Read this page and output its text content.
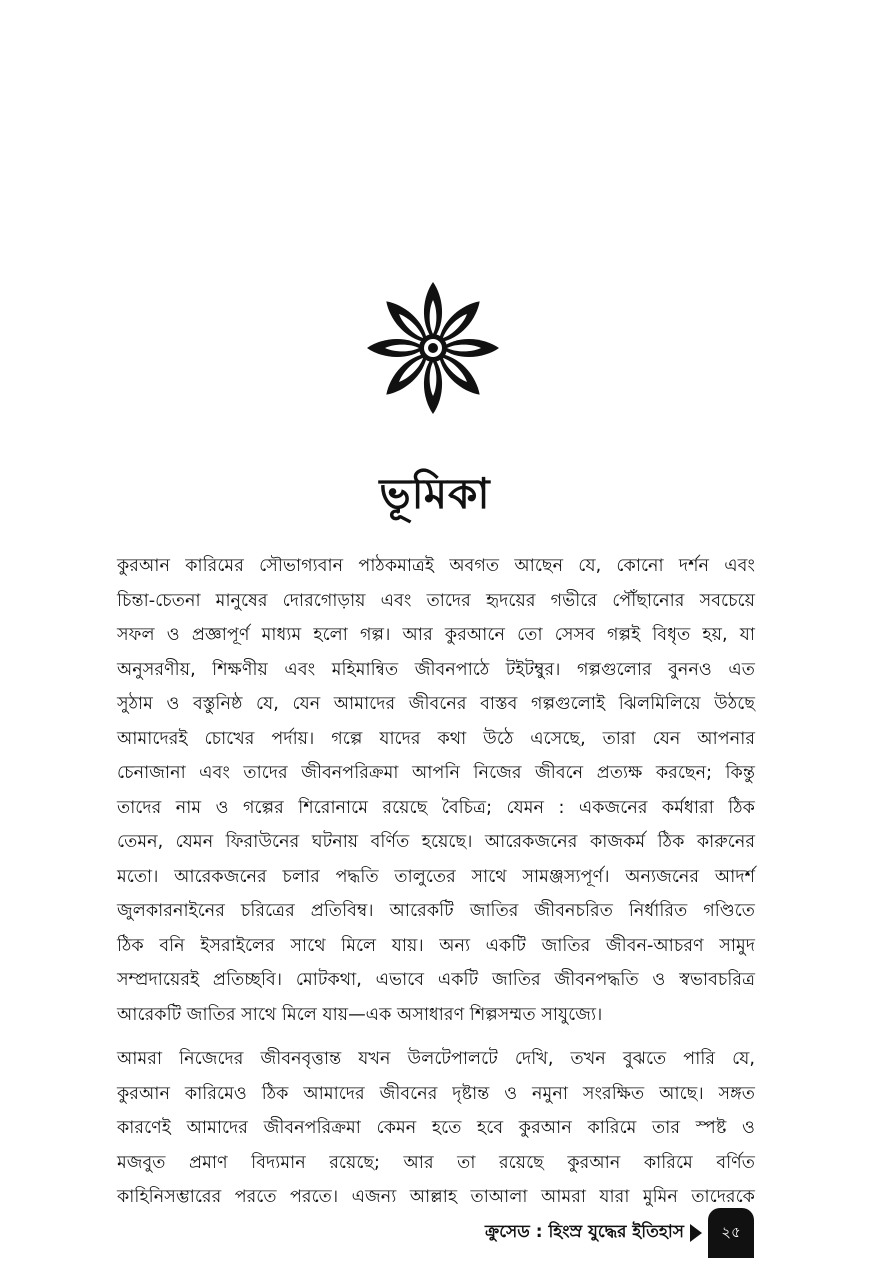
ভূমিকা

কুরআন কারিমের সৌভাগ্যবান পাঠকমাত্রই অবগত আছেন যে, কোনো দর্শন এবং

চিন্তা-চেতনা মানুষের দোরগোড়ায় এবং তাদের হৃদয়ের গভীরে পৌঁছানোর সবচেয়ে

সফল ও প্রজ্ঞাপূর্ণ মাধ্যম হলো গল্প। আর কুরআনে তো সেসব গল্পই বিধৃত হয়, যা

অনুসরণীয়, শিক্ষণীয় এবং মহিমান্বিত জীবনপাঠে টইটম্বুর। গল্পগুলোর বুননও এত

সুঠাম ও বস্তুনিষ্ঠ যে, যেন আমাদের জীবনের বাস্তব গল্পগুলোই ঝিলমিলিয়ে উঠছে

আমাদেরই চোখের পর্দায়। গল্পে যাদের কথা উঠে এসেছে, তারা যেন আপনার

চেনাজানা এবং তাদের জীবনপরিক্রমা আপনি নিজের জীবনে প্রত্যক্ষ করছেন; কিন্তু

তাদের নাম ও গল্পের শিরোনামে রয়েছে বৈচিত্র; যেমন : একজনের কর্মধারা ঠিক

তেমন, যেমন ফিরাউনের ঘটনায় বর্ণিত হয়েছে। আরেকজনের কাজকর্ম ঠিক কারুনের

মতো। আরেকজনের চলার পদ্ধতি তালুতের সাথে সামঞ্জস্যপূর্ণ। অন্যজনের আদর্শ

জুলকারনাইনের চরিত্রের প্রতিবিম্ব। আরেকটি জাতির জীবনচরিত নির্ধারিত গণ্ডিতে

ঠিক বনি ইসরাইলের সাথে মিলে যায়। অন্য একটি জাতির জীবন-আচরণ সামুদ

সম্প্রদায়েরই প্রতিচ্ছবি। মোটকথা, এভাবে একটি জাতির জীবনপদ্ধতি ও স্বভাবচরিত্র

আরেকটি জাতির সাথে মিলে যায়—এক অসাধারণ শিল্পসম্মত সাযুজ্যে।

আমরা নিজেদের জীবনবৃত্তান্ত যখন উলটেপালটে দেখি, তখন বুঝতে পারি যে,

কুরআন কারিমেও ঠিক আমাদের জীবনের দৃষ্টান্ত ও নমুনা সংরক্ষিত আছে। সঙ্গত

কারণেই আমাদের জীবনপরিক্রমা কেমন হতে হবে কুরআন কারিমে তার স্পষ্ট ও

মজবুত প্রমাণ বিদ্যমান রয়েছে; আর তা রয়েছে কুরআন কারিমে বর্ণিত

কাহিনিসম্ভারের পরতে পরতে। এজন্য আল্লাহ তাআলা আমরা যারা মুমিন তাদেরকে

ক্রুসেড : হিংস্র যুদ্ধের ইতিহাস ২৫
